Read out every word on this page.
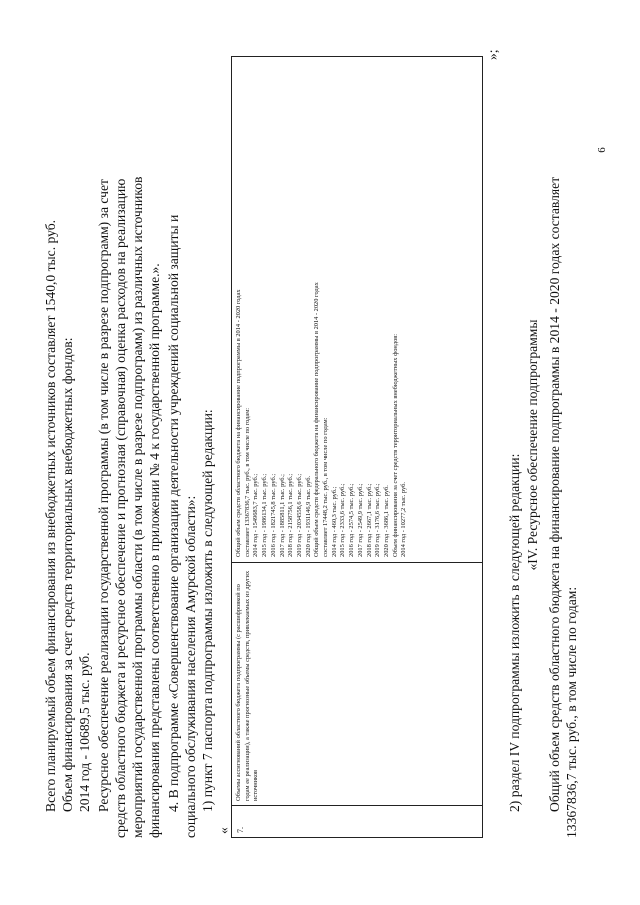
6
Всего планируемый объем финансирования из внебюджетных источников составляет 1540,0 тыс. руб. Объем финансирования за счет средств территориальных внебюджетных фондов: 2014 год - 10689,5 тыс. руб. Ресурсное обеспечение реализации государственной программы (в том числе в разрезе подпрограмм) за счет средств областного бюджета и ресурсное обеспечение и прогнозная (справочная) оценка расходов на реализацию мероприятий государственной программы области (в том числе в разрезе подпрограмм) из различных источников финансирования представлены соответственно в приложении № 4 к государственной программе.». 4. В подпрограмме «Совершенствование организации деятельности учреждений социальной защиты и социального обслуживания населения Амурской области»: 1) пункт 7 паспорта подпрограммы изложить в следующей редакции:
« 7.
Объемы ассигнований областного бюджета подпрограммы (с расшифровкой по годам ее реализации), а также прогнозные объемы средств, привлекаемых из других источников
Общий объем средств областного бюджета на финансирование подпрограммы в 2014 - 2020 годах составляет 13367836,7 тыс. руб., в том числе по годам: 2014 год - 1549683,7 тыс. руб.; 2015 год - 1986134,1 тыс. руб.; 2016 год - 1821745,8 тыс. руб.; 2017 год - 1885811,1 тыс. руб.; 2018 год - 2158756,1 тыс. руб.; 2019 год - 2034558,6 тыс. руб.; 2020 год - 1931146,9 тыс. руб. Общий объем средств федерального бюджета на финансирование подпрограммы в 2014 - 2020 годах составляет 17448,2 тыс. руб., в том числе по годам: 2014 год - 460,3 тыс. руб.; 2015 год - 2333,6 тыс. руб.; 2016 год - 2574,5 тыс. руб.; 2017 год - 2549,9 тыс. руб.; 2018 год - 2667,1 тыс. руб.; 2019 год - 3176,6 тыс. руб.; 2020 год - 3686,1 тыс. руб. Объем финансирования за счет средств территориальных внебюджетных фондов: 2014 год - 10277,2 тыс. руб.
»;
2) раздел IV подпрограммы изложить в следующей редакции:
«IV. Ресурсное обеспечение подпрограммы Общий объем средств областного бюджета на финансирование подпрограммы в 2014 - 2020 годах составляет 13367836,7 тыс. руб., в том числе по годам:
